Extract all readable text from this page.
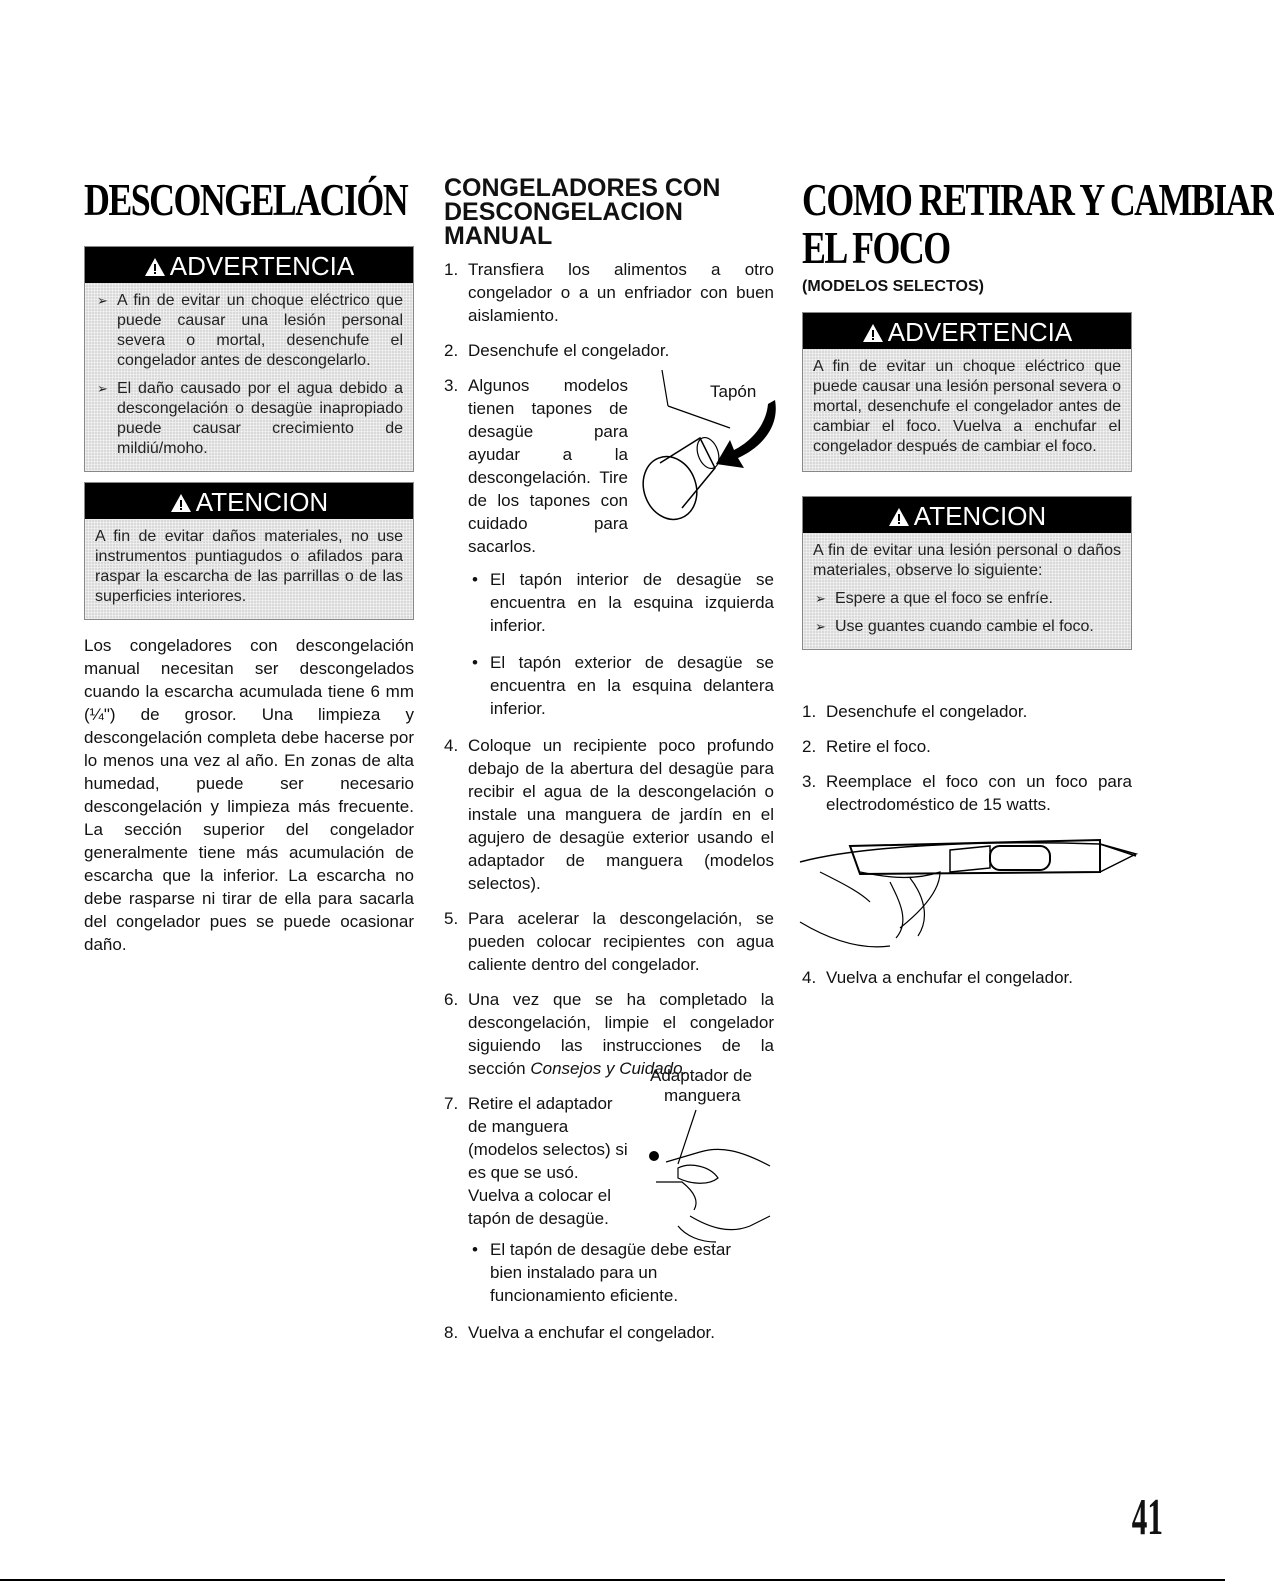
DESCONGELACIÓN
ADVERTENCIA

➢ A fin de evitar un choque eléctrico que puede causar una lesión personal severa o mortal, desenchufe el congelador antes de descongelarlo.

➢ El daño causado por el agua debido a descongelación o desagüe inapropiado puede causar crecimiento de mildiú/moho.

ATENCION

A fin de evitar daños materiales, no use instrumentos puntiagudos o afilados para raspar la escarcha de las parrillas o de las superficies interiores.

Los congeladores con descongelación manual necesitan ser descongelados cuando la escarcha acumulada tiene 6 mm (¼") de grosor. Una limpieza y descongelación completa debe hacerse por lo menos una vez al año. En zonas de alta humedad, puede ser necesario descongelación y limpieza más frecuente. La sección superior del congelador generalmente tiene más acumulación de escarcha que la inferior. La escarcha no debe rasparse ni tirar de ella para sacarla del congelador pues se puede ocasionar daño.

CONGELADORES CON
DESCONGELACION
MANUAL
1. Transfiera los alimentos a otro congelador o a un enfriador con buen aislamiento.
2. Desenchufe el congelador.
3. Algunos modelos tienen tapones de desagüe para ayudar a la descongelación. Tire de los tapones con cuidado para sacarlos.
• El tapón interior de desagüe se encuentra en la esquina izquierda inferior.
• El tapón exterior de desagüe se encuentra en la esquina delantera inferior.
4. Coloque un recipiente poco profundo debajo de la abertura del desagüe para recibir el agua de la descongelación o instale una manguera de jardín en el agujero de desagüe exterior usando el adaptador de manguera (modelos selectos).
5. Para acelerar la descongelación, se pueden colocar recipientes con agua caliente dentro del congelador.
6. Una vez que se ha completado la descongelación, limpie el congelador siguiendo las instrucciones de la sección Consejos y Cuidado.
7. Retire el adaptador de manguera (modelos selectos) si es que se usó. Vuelva a colocar el tapón de desagüe.
• El tapón de desagüe debe estar bien instalado para un funcionamiento eficiente.
8. Vuelva a enchufar el congelador.
Tapón
Adaptador de
manguera
COMO RETIRAR Y CAMBIAR
EL FOCO

(MODELOS SELECTOS)

ADVERTENCIA

A fin de evitar un choque eléctrico que puede causar una lesión personal severa o mortal, desenchufe el congelador antes de cambiar el foco. Vuelva a enchufar el congelador después de cambiar el foco.

ATENCION

A fin de evitar una lesión personal o daños materiales, observe lo siguiente:

➢ Espere a que el foco se enfríe.

➢ Use guantes cuando cambie el foco.

1. Desenchufe el congelador.
2. Retire el foco.
3. Reemplace el foco con un foco para electrodoméstico de 15 watts.
4. Vuelva a enchufar el congelador.
41
